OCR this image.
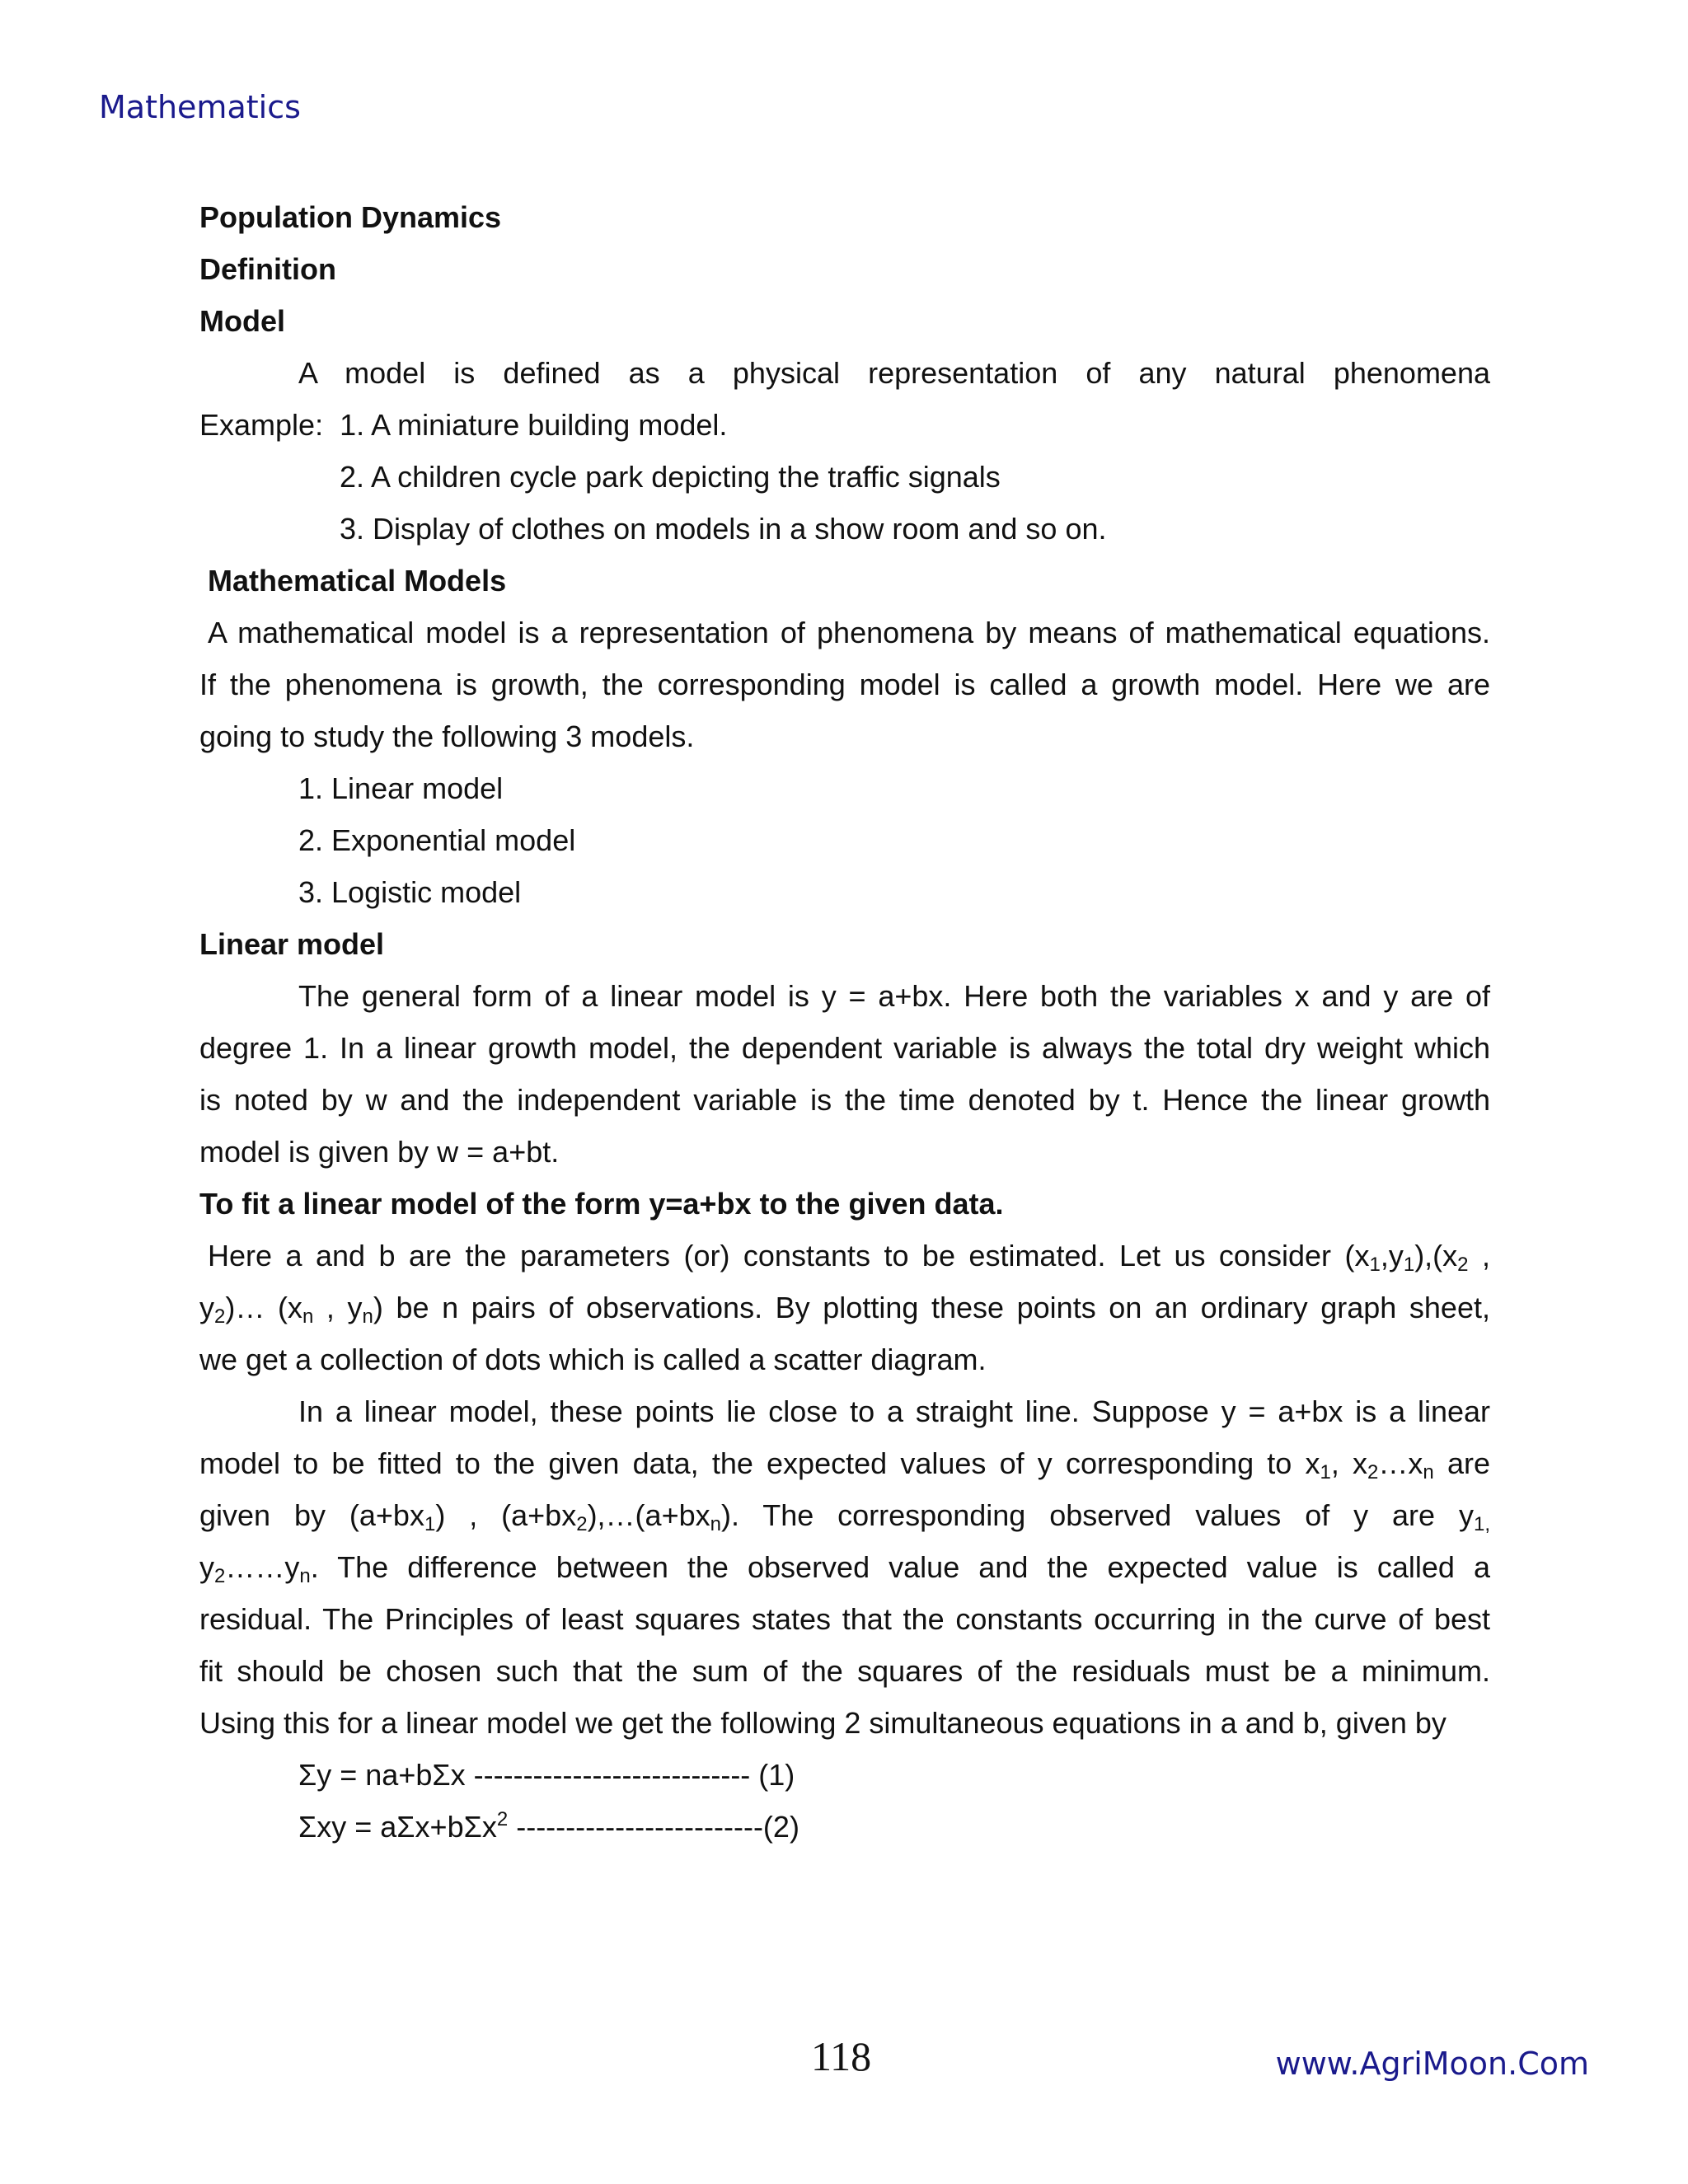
Mathematics
Population Dynamics
Definition
Model
A model is defined as a physical representation of any natural phenomena
Example: 1. A miniature building model.
2. A children cycle park depicting the traffic signals
3. Display of clothes on models in a show room and so on.
Mathematical Models
A mathematical model is a representation of phenomena by means of mathematical equations.
If the phenomena is growth, the corresponding model is called a growth model. Here we are
going to study the following 3 models.
1. Linear model
2. Exponential model
3. Logistic model
Linear model
The general form of a linear model is y = a+bx. Here both the variables x and y are of
degree 1. In a linear growth model, the dependent variable is always the total dry weight which
is noted by w and the independent variable is the time denoted by t. Hence the linear growth
model is given by w = a+bt.
To fit a linear model of the form y=a+bx to the given data.
Here a and b are the parameters (or) constants to be estimated. Let us consider $(x_1,y_1),(x_2$ ,
$y_2)\dots$ ($x_n$ , $y_n$) be n pairs of observations. By plotting these points on an ordinary graph sheet,
we get a collection of dots which is called a scatter diagram.
In a linear model, these points lie close to a straight line. Suppose y = a+bx is a linear
model to be fitted to the given data, the expected values of y corresponding to $x_1$, $x_2\dots x_n$ are
given by $(a+bx_1)$ , $(a+bx_2),\dots(a+bx_n)$. The corresponding observed values of y are $y_{1,}$
$y_2\dots\dots y_n$. The difference between the observed value and the expected value is called a
residual. The Principles of least squares states that the constants occurring in the curve of best
fit should be chosen such that the sum of the squares of the residuals must be a minimum.
Using this for a linear model we get the following 2 simultaneous equations in a and b, given by
Σy = na+bΣx ---------------------------- (1)
Σxy = aΣx+bΣx$^2$ -------------------------(2)
118	www.AgriMoon.Com
